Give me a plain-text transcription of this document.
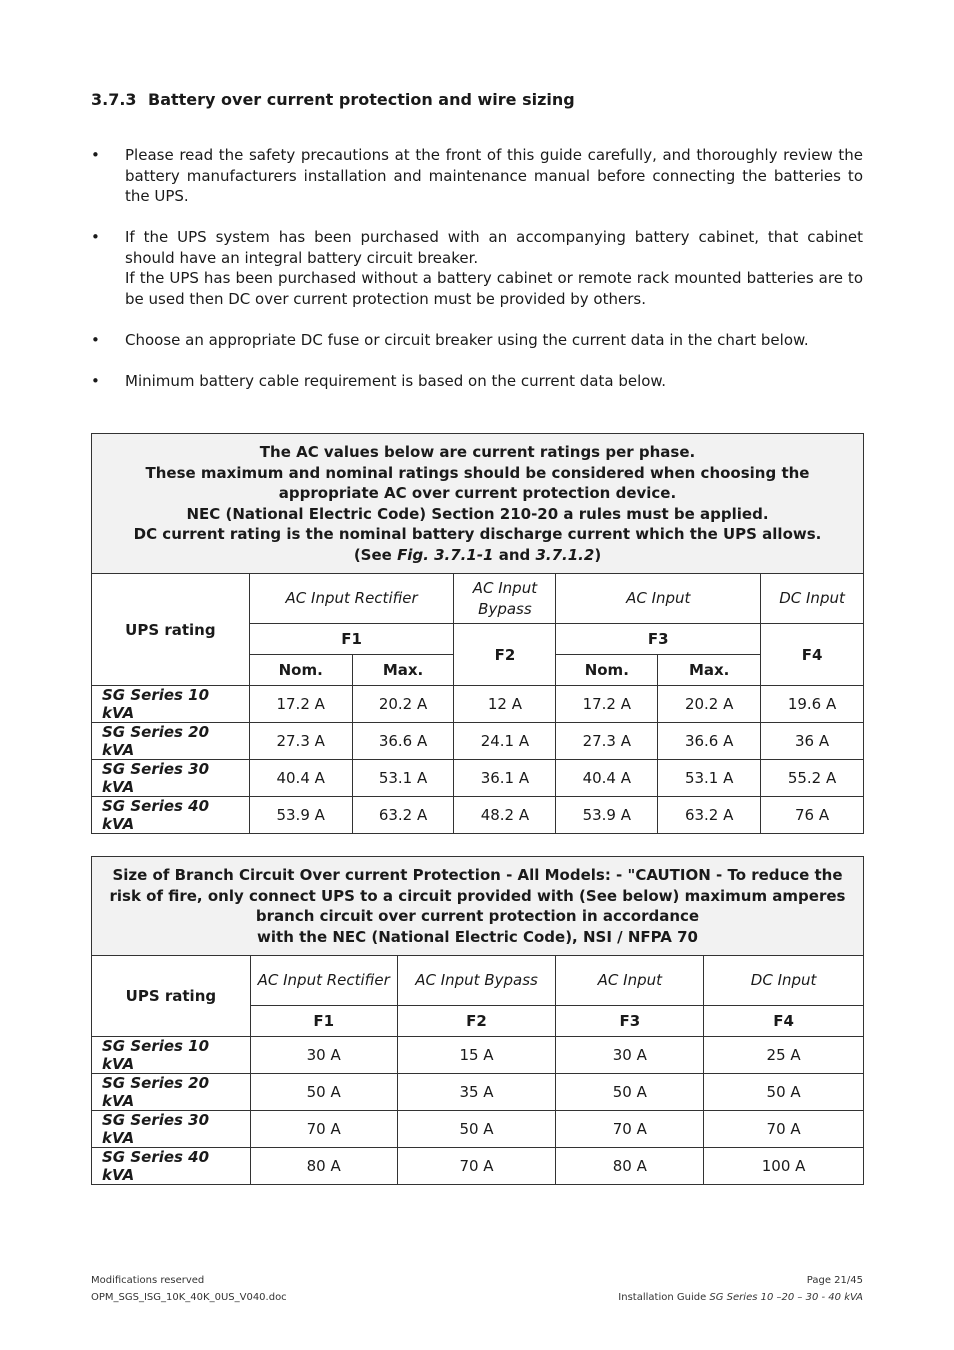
3.7.3 Battery over current protection and wire sizing
• Please read the safety precautions at the front of this guide carefully, and thoroughly review the battery manufacturers installation and maintenance manual before connecting the batteries to the UPS.
• If the UPS system has been purchased with an accompanying battery cabinet, that cabinet should have an integral battery circuit breaker.
If the UPS has been purchased without a battery cabinet or remote rack mounted batteries are to be used then DC over current protection must be provided by others.
• Choose an appropriate DC fuse or circuit breaker using the current data in the chart below.
• Minimum battery cable requirement is based on the current data below.
The AC values below are current ratings per phase.
These maximum and nominal ratings should be considered when choosing the appropriate AC over current protection device.
NEC (National Electric Code) Section 210-20 a rules must be applied.
DC current rating is the nominal battery discharge current which the UPS allows.
(See Fig. 3.7.1-1 and 3.7.1.2)						

UPS rating	AC Input Rectifier		AC Input Bypass	AC Input		DC Input
	F1		F2	F3		F4
	Nom.	Max.		Nom.	Max.	
SG Series 10 kVA	17.2 A	20.2 A	12 A	17.2 A	20.2 A	19.6 A
SG Series 20 kVA	27.3 A	36.6 A	24.1 A	27.3 A	36.6 A	36 A
SG Series 30 kVA	40.4 A	53.1 A	36.1 A	40.4 A	53.1 A	55.2 A
SG Series 40 kVA	53.9 A	63.2 A	48.2 A	53.9 A	63.2 A	76 A
Size of Branch Circuit Over current Protection - All Models: - "CAUTION - To reduce the risk of fire, only connect UPS to a circuit provided with (See below) maximum amperes branch circuit over current protection in accordance
with the NEC (National Electric Code), NSI / NFPA 70				

UPS rating	AC Input Rectifier	AC Input Bypass	AC Input	DC Input
	F1	F2	F3	F4
SG Series 10 kVA	30 A	15 A	30 A	25 A
SG Series 20 kVA	50 A	35 A	50 A	50 A
SG Series 30 kVA	70 A	50 A	70 A	70 A
SG Series 40 kVA	80 A	70 A	80 A	100 A
Modifications reserved
OPM_SGS_ISG_10K_40K_0US_V040.doc
Page 21/45
Installation Guide SG Series 10 –20 – 30 - 40 kVA
